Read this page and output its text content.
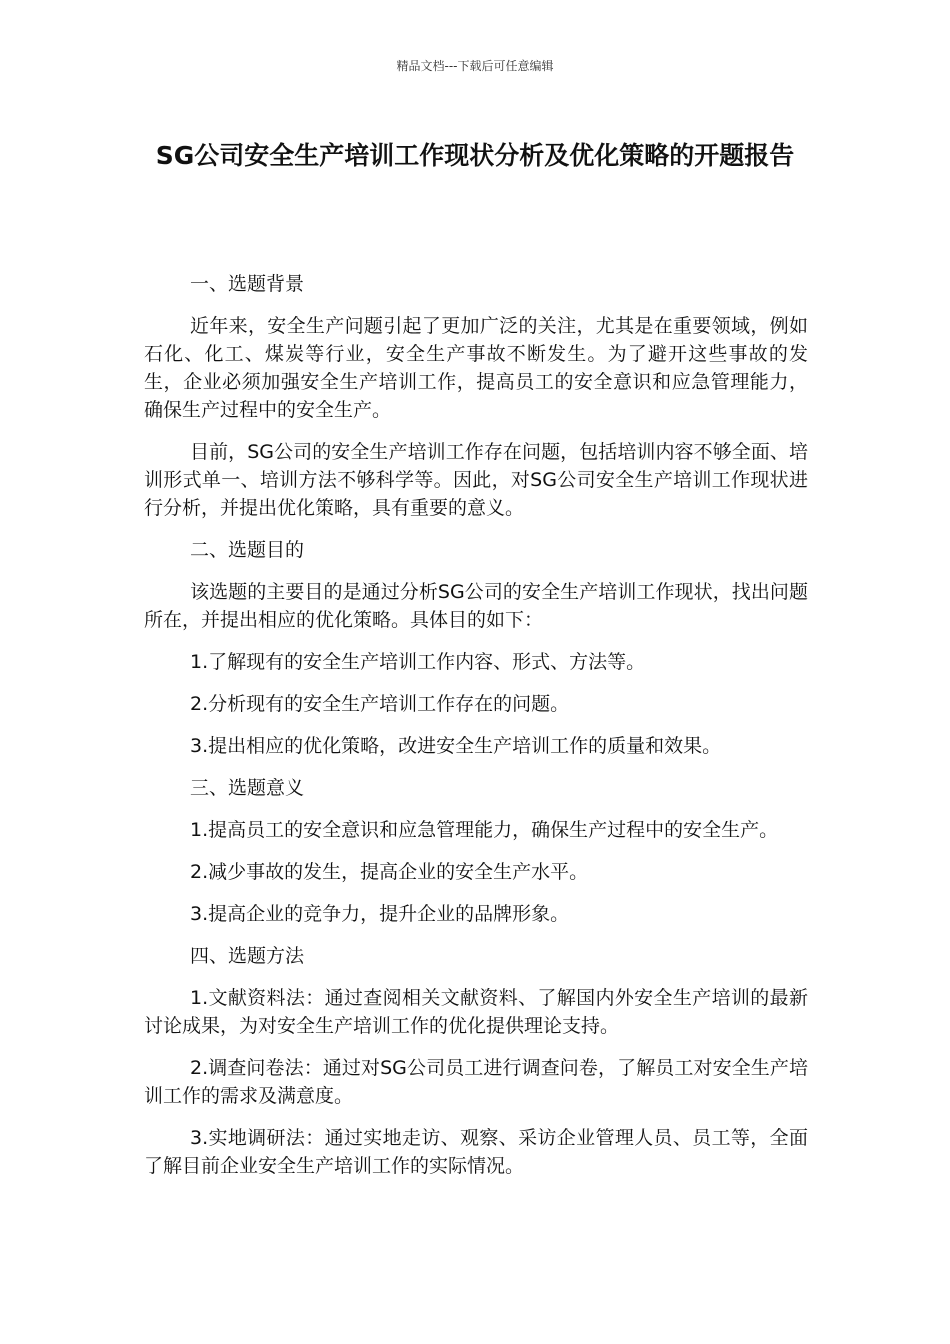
精品文档---下载后可任意编辑
SG公司安全生产培训工作现状分析及优化策略的开题报告

一、选题背景

近年来，安全生产问题引起了更加广泛的关注，尤其是在重要领域，例如石化、化工、煤炭等行业，安全生产事故不断发生。为了避开这些事故的发生，企业必须加强安全生产培训工作，提高员工的安全意识和应急管理能力，确保生产过程中的安全生产。

目前，SG公司的安全生产培训工作存在问题，包括培训内容不够全面、培训形式单一、培训方法不够科学等。因此，对SG公司安全生产培训工作现状进行分析，并提出优化策略，具有重要的意义。

二、选题目的

该选题的主要目的是通过分析SG公司的安全生产培训工作现状，找出问题所在，并提出相应的优化策略。具体目的如下：

1.了解现有的安全生产培训工作内容、形式、方法等。

2.分析现有的安全生产培训工作存在的问题。

3.提出相应的优化策略，改进安全生产培训工作的质量和效果。

三、选题意义

1.提高员工的安全意识和应急管理能力，确保生产过程中的安全生产。

2.减少事故的发生，提高企业的安全生产水平。

3.提高企业的竞争力，提升企业的品牌形象。

四、选题方法

1.文献资料法：通过查阅相关文献资料、了解国内外安全生产培训的最新讨论成果，为对安全生产培训工作的优化提供理论支持。

2.调查问卷法：通过对SG公司员工进行调查问卷，了解员工对安全生产培训工作的需求及满意度。

3.实地调研法：通过实地走访、观察、采访企业管理人员、员工等，全面了解目前企业安全生产培训工作的实际情况。
